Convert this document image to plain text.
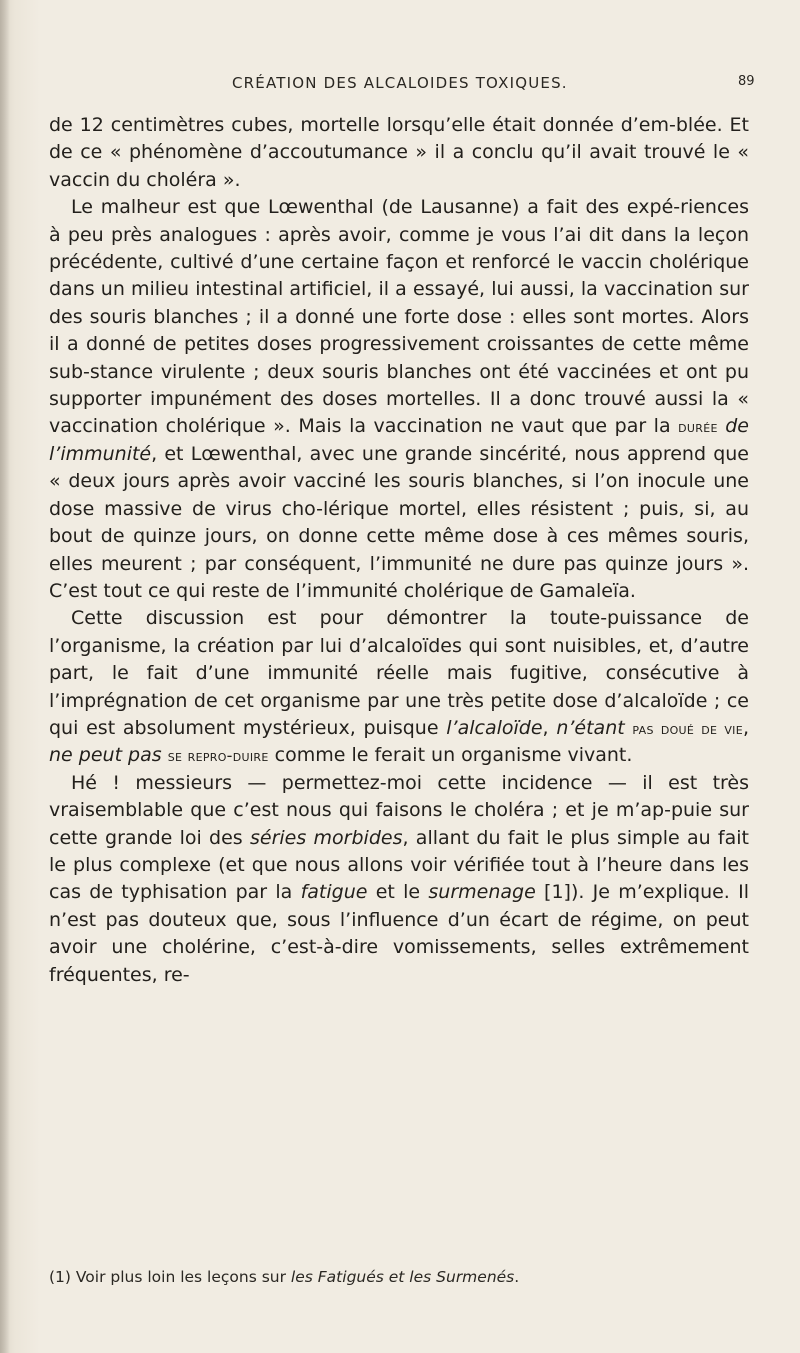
CRÉATION DES ALCALOIDES TOXIQUES.	89

de 12 centimètres cubes, mortelle lorsqu’elle était donnée d’em-blée. Et de ce « phénomène d’accoutumance » il a conclu qu’il avait trouvé le « vaccin du choléra ».

Le malheur est que Lœwenthal (de Lausanne) a fait des expé-riences à peu près analogues : après avoir, comme je vous l’ai dit dans la leçon précédente, cultivé d’une certaine façon et renforcé le vaccin cholérique dans un milieu intestinal artificiel, il a essayé, lui aussi, la vaccination sur des souris blanches ; il a donné une forte dose : elles sont mortes. Alors il a donné de petites doses progressivement croissantes de cette même sub-stance virulente ; deux souris blanches ont été vaccinées et ont pu supporter impunément des doses mortelles. Il a donc trouvé aussi la « vaccination cholérique ». Mais la vaccination ne vaut que par la durée de l’immunité, et Lœwenthal, avec une grande sincérité, nous apprend que « deux jours après avoir vacciné les souris blanches, si l’on inocule une dose massive de virus cho-lérique mortel, elles résistent ; puis, si, au bout de quinze jours, on donne cette même dose à ces mêmes souris, elles meurent ; par conséquent, l’immunité ne dure pas quinze jours ». C’est tout ce qui reste de l’immunité cholérique de Gamaleïa.

Cette discussion est pour démontrer la toute-puissance de l’organisme, la création par lui d’alcaloïdes qui sont nuisibles, et, d’autre part, le fait d’une immunité réelle mais fugitive, consécutive à l’imprégnation de cet organisme par une très petite dose d’alcaloïde ; ce qui est absolument mystérieux, puisque l’alcaloïde, n’étant pas doué de vie, ne peut pas se repro-duire comme le ferait un organisme vivant.

Hé ! messieurs — permettez-moi cette incidence — il est très vraisemblable que c’est nous qui faisons le choléra ; et je m’ap-puie sur cette grande loi des séries morbides, allant du fait le plus simple au fait le plus complexe (et que nous allons voir vérifiée tout à l’heure dans les cas de typhisation par la fatigue et le surmenage [1]). Je m’explique. Il n’est pas douteux que, sous l’influence d’un écart de régime, on peut avoir une cholérine, c’est-à-dire vomissements, selles extrêmement fréquentes, re-

(1) Voir plus loin les leçons sur les Fatigués et les Surmenés.
